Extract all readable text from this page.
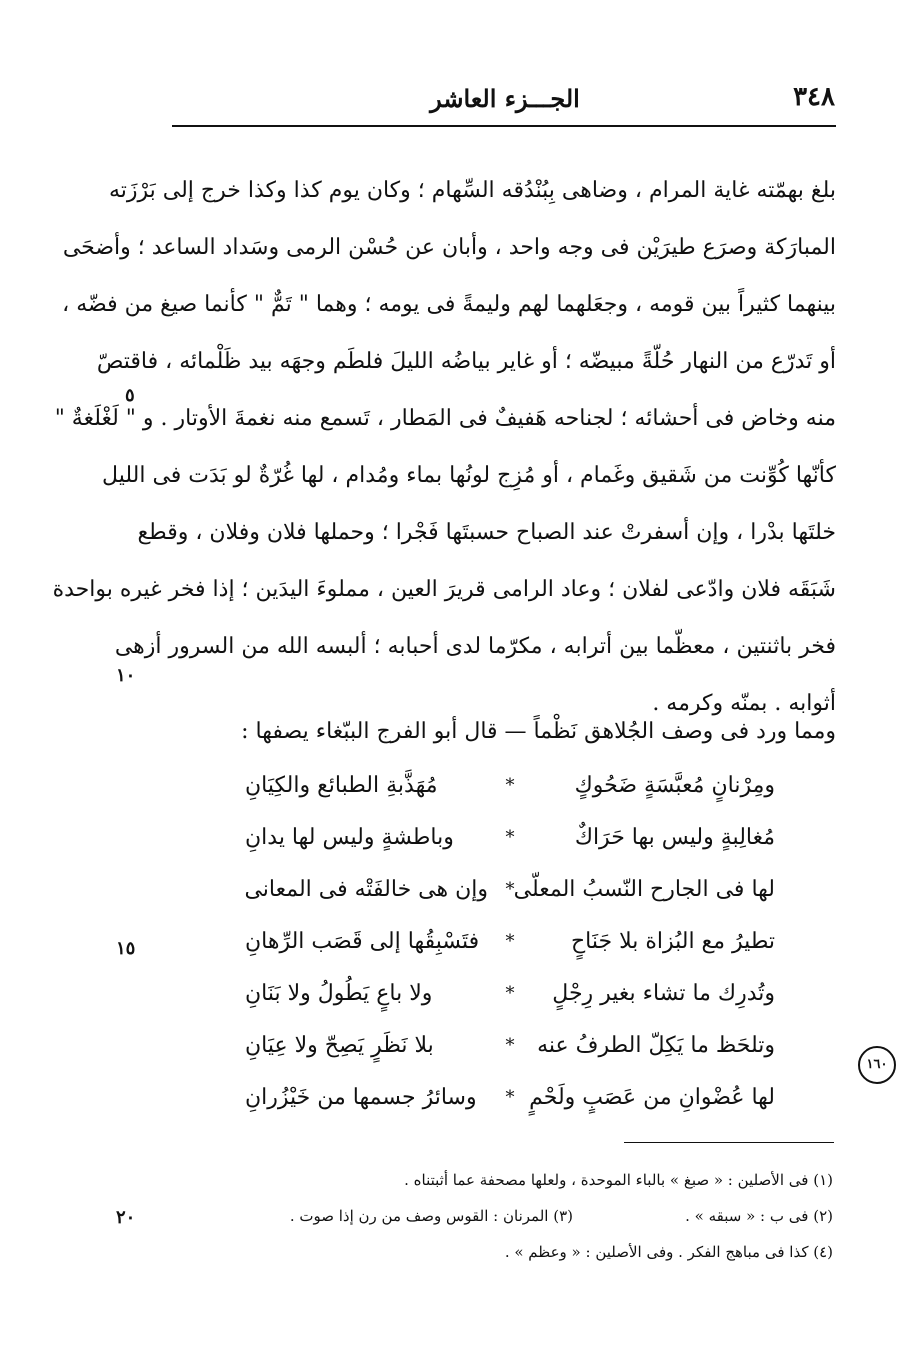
٣٤٨
الجـــزء العاشر
بلغ بهمّته غاية المرام ، وضاهى بِبُنْدُقه السِّهام ؛ وكان يوم كذا وكذا خرج إلى بَرْزَته
المبارَكة وصرَع طيرَيْن فى وجه واحد ، وأبان عن حُسْن الرمى وسَداد الساعد ؛ وأضحَى
بينهما كثيراً بين قومه ، وجعَلهما لهم وليمةً فى يومه ؛ وهما " تَمٌّ " كأنما صيغ من فضّه ،
أو تَدرّع من النهار حُلّةً مبيضّه ؛ أو غاير بياضُه الليلَ فلطَم وجهَه بيد ظَلْمائه ، فاقتصّ
منه وخاض فى أحشائه ؛ لجناحه هَفيفٌ فى المَطار ، تَسمع منه نغمةَ الأوتار . و " لَغْلَغةٌ "
كأنّها كُوِّنت من شَقيق وغَمام ، أو مُزِج لونُها بماء ومُدام ، لها غُرّةٌ لو بَدَت فى الليل
خلتَها بدْرا ، وإن أسفرتْ عند الصباح حسبتَها فَجْرا ؛ وحملها فلان وفلان ، وقطع
شَبَقَه فلان وادّعى لفلان ؛ وعاد الرامى قريرَ العين ، مملوءَ اليدَين ؛ إذا فخر غيره بواحدة
فخر باثنتين ، معظّما بين أترابه ، مكرّما لدى أحبابه ؛ ألبسه الله من السرور أزهى
أثوابه . بمنّه وكرمه .
ومما ورد فى وصف الجُلاهق نَظْماً — قال أبو الفرج الببّغاء يصفها :
ومِرْنانٍ مُعبَّسَةٍ ضَحُوكٍ
*
مُهَذَّبةِ الطبائع والكِيَانِ
مُغالِبةٍ وليس بها حَرَاكٌ
*
وباطشةٍ وليس لها يدانِ
لها فى الجارح النّسبُ المعلّى
*
وإن هى خالفَتْه فى المعانى
تطيرُ مع البُزاة بلا جَنَاحٍ
*
فتَسْبِقُها إلى قَصَب الرِّهانِ
وتُدرِك ما تشاء بغير رِجْلٍ
*
ولا باعٍ يَطُولُ ولا بَنَانِ
وتلحَظ ما يَكِلّ الطرفُ عنه
*
بلا نَظَرٍ يَصِحّ ولا عِيَانِ
لها عُضْوانِ من عَصَبٍ ولَحْمٍ
*
وسائرُ جسمها من خَيْزُرانِ
٥
١٠
١٥
٢٠
١٦٠
(١) فى الأصلين : « صبغ » بالباء الموحدة ، ولعلها مصحفة عما أثبتناه .
(٢) فى ب : « سبقه » .
(٣) المرنان : القوس وصف من رن إذا صوت .
(٤) كذا فى مباهج الفكر . وفى الأصلين : « وعظم » .
